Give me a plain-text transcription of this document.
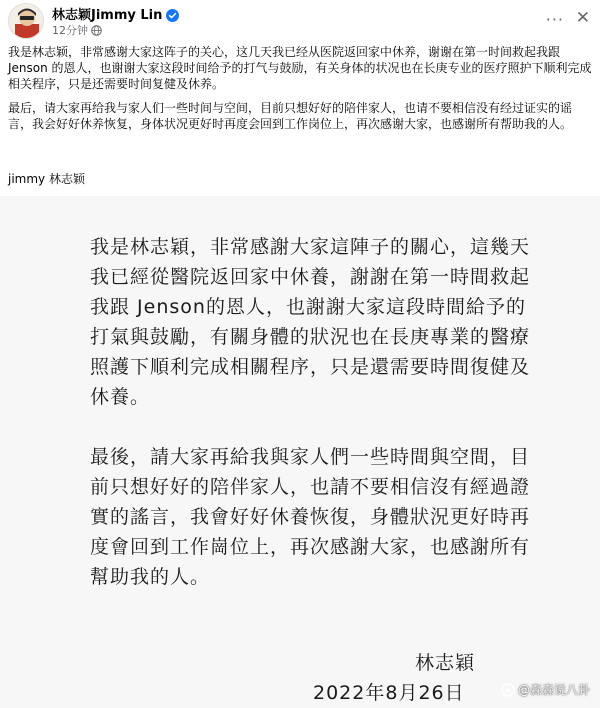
林志颖Jimmy Lin
12分钟
··· ✕

我是林志颖，非常感谢大家这阵子的关心，这几天我已经从医院返回家中休养，谢谢在第一时间救起我跟Jenson 的恩人，也谢谢大家这段时间给予的打气与鼓励，有关身体的状况也在长庚专业的医疗照护下顺利完成相关程序，只是还需要时间复健及休养。

最后，请大家再给我与家人们一些时间与空间，目前只想好好的陪伴家人，也请不要相信没有经过证实的谣言，我会好好休养恢复，身体状况更好时再度会回到工作岗位上，再次感谢大家，也感谢所有帮助我的人。

jimmy 林志颖

我是林志穎，非常感謝大家這陣子的關心，這幾天我已經從醫院返回家中休養，謝謝在第一時間救起我跟 Jenson的恩人，也謝謝大家這段時間給予的打氣與鼓勵，有關身體的狀況也在長庚專業的醫療照護下順利完成相關程序，只是還需要時間復健及休養。

最後，請大家再給我與家人們一些時間與空間，目前只想好好的陪伴家人，也請不要相信沒有經過證實的謠言，我會好好休養恢復，身體狀況更好時再度會回到工作崗位上，再次感謝大家，也感謝所有幫助我的人。

林志穎
2022年8月26日	@森森说八卦
